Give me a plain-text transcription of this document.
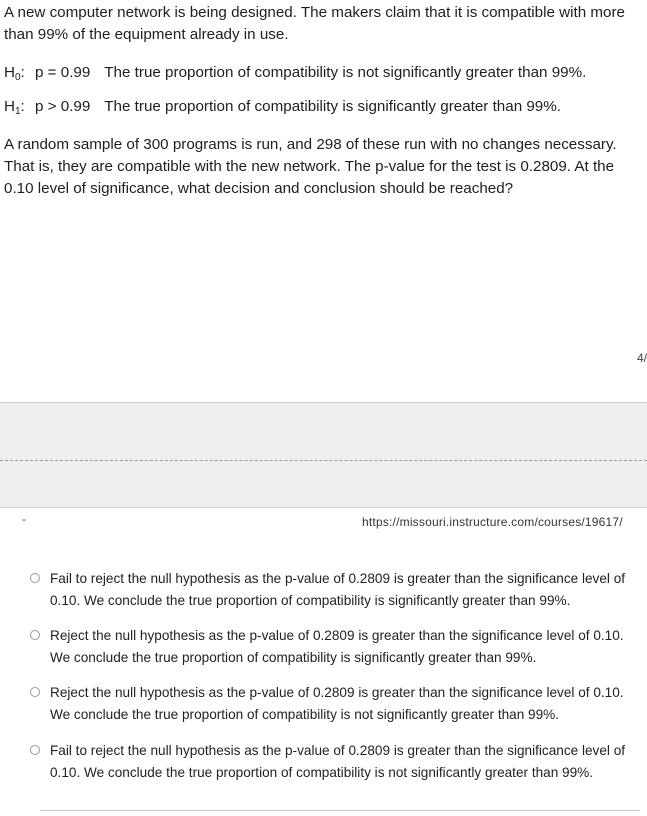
A new computer network is being designed. The makers claim that it is compatible with more than 99% of the equipment already in use.
$H_0$: p = 0.99 The true proportion of compatibility is not significantly greater than 99%.
$H_1$: p > 0.99 The true proportion of compatibility is significantly greater than 99%.
A random sample of 300 programs is run, and 298 of these run with no changes necessary. That is, they are compatible with the new network. The p-value for the test is 0.2809. At the 0.10 level of significance, what decision and conclusion should be reached?
4/
-	https://missouri.instructure.com/courses/19617/
Fail to reject the null hypothesis as the p-value of 0.2809 is greater than the significance level of 0.10. We conclude the true proportion of compatibility is significantly greater than 99%.
Reject the null hypothesis as the p-value of 0.2809 is greater than the significance level of 0.10. We conclude the true proportion of compatibility is significantly greater than 99%.
Reject the null hypothesis as the p-value of 0.2809 is greater than the significance level of 0.10. We conclude the true proportion of compatibility is not significantly greater than 99%.
Fail to reject the null hypothesis as the p-value of 0.2809 is greater than the significance level of 0.10. We conclude the true proportion of compatibility is not significantly greater than 99%.
